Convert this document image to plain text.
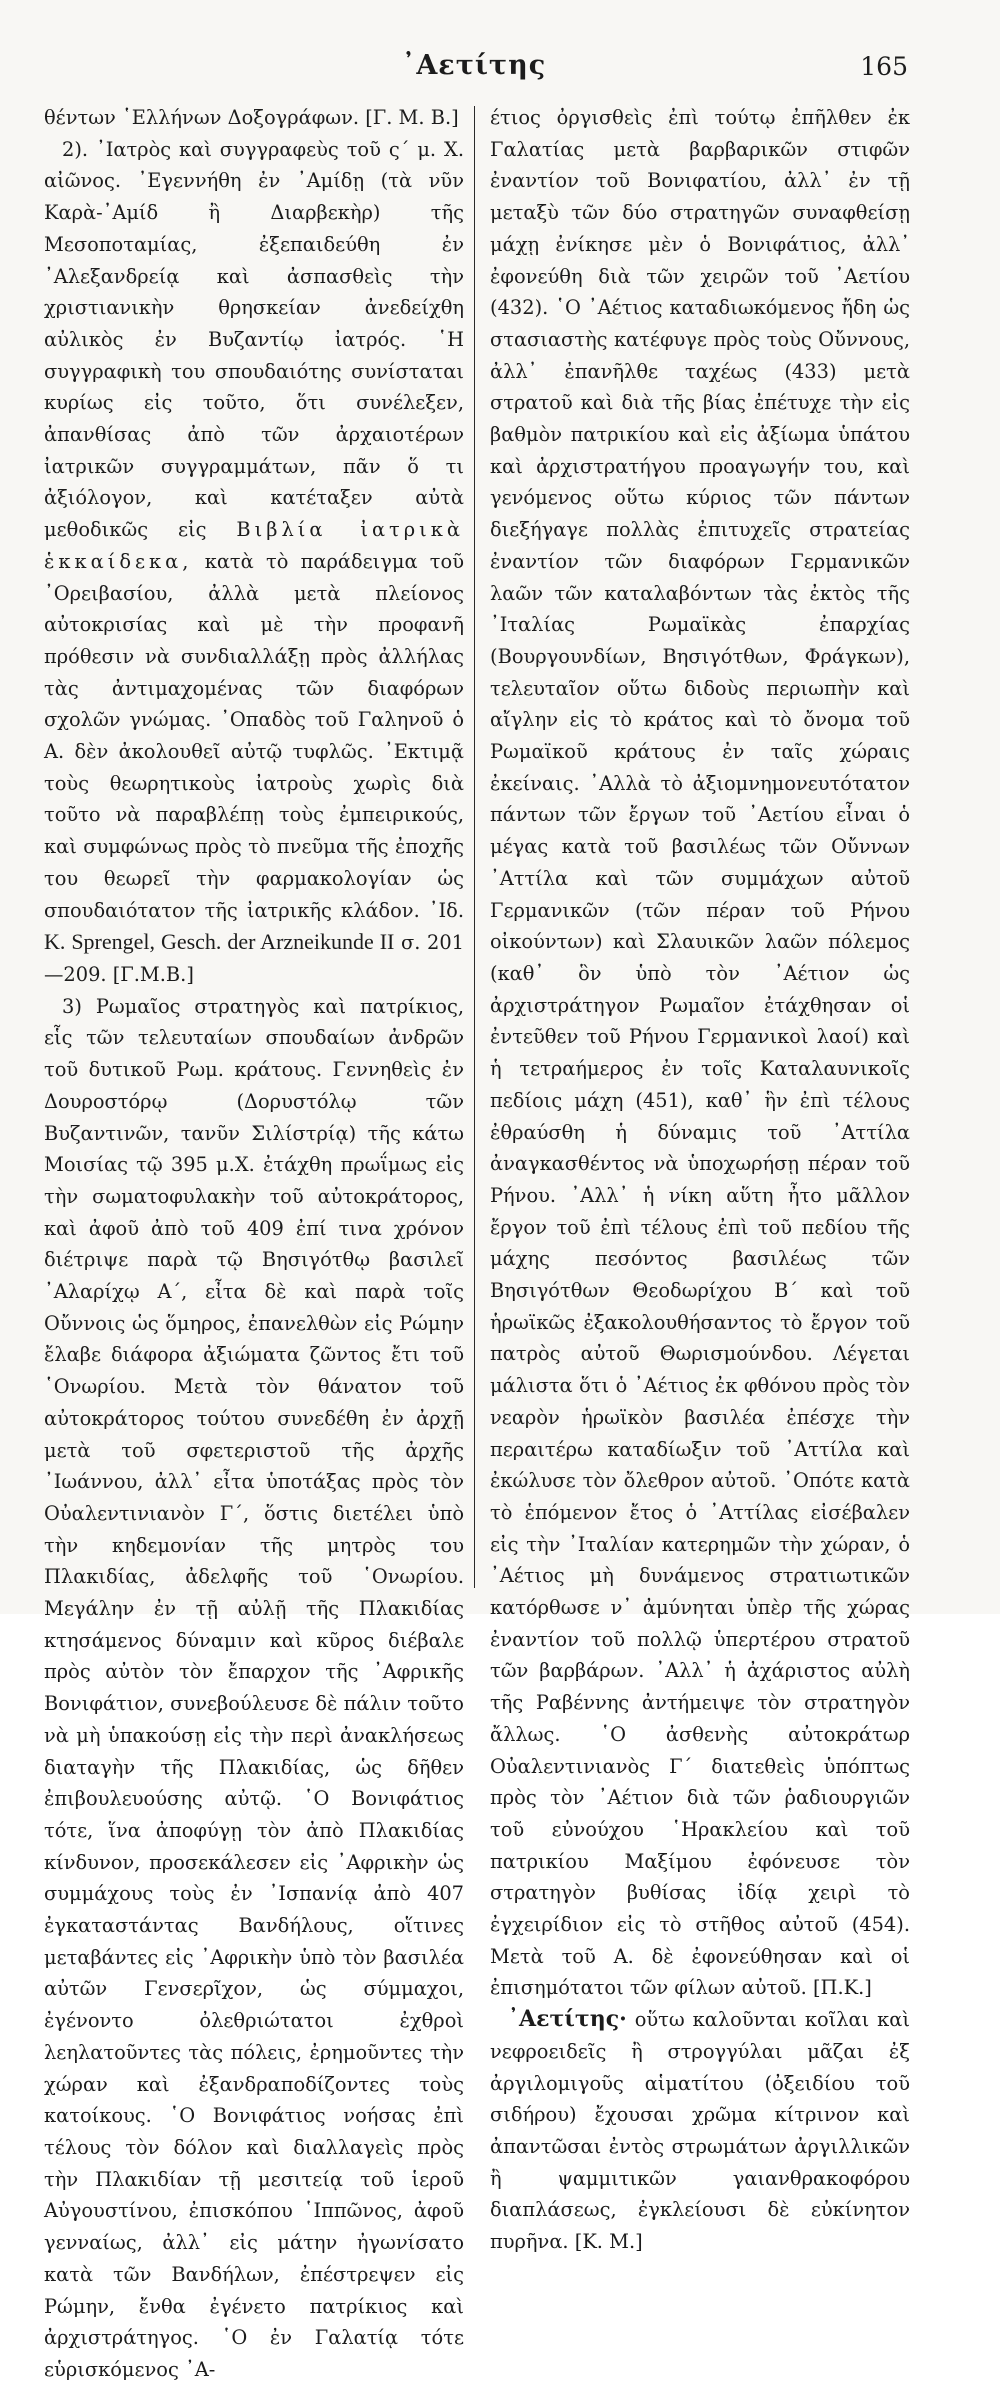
᾿Αετίτης	165

θέντων ῾Ελλήνων Δοξογράφων. [Γ. Μ. Β.]

2). ᾿Ιατρὸς καὶ συγγραφεὺς τοῦ ς΄ μ. Χ. αἰῶνος. ᾿Εγεννήθη ἐν ᾿Αμίδῃ (τὰ νῦν Καρὰ-᾿Αμίδ ἢ Διαρβεκὴρ) τῆς Μεσοποταμίας, ἐξεπαιδεύθη ἐν ᾿Αλεξανδρείᾳ καὶ ἀσπασθεὶς τὴν χριστιανικὴν θρησκείαν ἀνεδείχθη αὐλικὸς ἐν Βυζαντίῳ ἰατρός. ῾Η συγγραφικὴ του σπουδαιότης συνίσταται κυρίως εἰς τοῦτο, ὅτι συνέλεξεν, ἀπανθίσας ἀπὸ τῶν ἀρχαιοτέρων ἰατρικῶν συγγραμμάτων, πᾶν ὅ τι ἀξιόλογον, καὶ κατέταξεν αὐτὰ μεθοδικῶς εἰς Βιβλία ἰατρικὰ ἑκκαίδεκα, κατὰ τὸ παράδειγμα τοῦ ᾿Ορειβασίου, ἀλλὰ μετὰ πλείονος αὐτοκρισίας καὶ μὲ τὴν προφανῆ πρόθεσιν νὰ συνδιαλλάξῃ πρὸς ἀλλήλας τὰς ἀντιμαχομένας τῶν διαφόρων σχολῶν γνώμας. ᾿Οπαδὸς τοῦ Γαληνοῦ ὁ Α. δὲν ἀκολουθεῖ αὐτῷ τυφλῶς. ᾿Εκτιμᾷ τοὺς θεωρητικοὺς ἰατροὺς χωρὶς διὰ τοῦτο νὰ παραβλέπῃ τοὺς ἐμπειρικούς, καὶ συμφώνως πρὸς τὸ πνεῦμα τῆς ἐποχῆς του θεωρεῖ τὴν φαρμακολογίαν ὡς σπουδαιότατον τῆς ἰατρικῆς κλάδον. ᾿Ιδ. K. Sprengel, Gesch. der Arzneikunde II σ. 201—209. [Γ.Μ.Β.]

3) Ρωμαῖος στρατηγὸς καὶ πατρίκιος, εἷς τῶν τελευταίων σπουδαίων ἀνδρῶν τοῦ δυτικοῦ Ρωμ. κράτους. Γεννηθεὶς ἐν Δουροστόρῳ (Δορυστόλῳ τῶν Βυζαντινῶν, τανῦν Σιλίστρίᾳ) τῆς κάτω Μοισίας τῷ 395 μ.Χ. ἐτάχθη πρωΐμως εἰς τὴν σωματοφυλακὴν τοῦ αὐτοκράτορος, καὶ ἀφοῦ ἀπὸ τοῦ 409 ἐπί τινα χρόνον διέτριψε παρὰ τῷ Βησιγότθῳ βασιλεῖ ᾿Αλαρίχῳ Α΄, εἶτα δὲ καὶ παρὰ τοῖς Οὔννοις ὡς ὅμηρος, ἐπανελθὼν εἰς Ρώμην ἔλαβε διάφορα ἀξιώματα ζῶντος ἔτι τοῦ ῾Ονωρίου. Μετὰ τὸν θάνατον τοῦ αὐτοκράτορος τούτου συνεδέθη ἐν ἀρχῇ μετὰ τοῦ σφετεριστοῦ τῆς ἀρχῆς ᾿Ιωάννου, ἀλλ᾿ εἶτα ὑποτάξας πρὸς τὸν Οὐαλεντινιανὸν Γ΄, ὅστις διετέλει ὑπὸ τὴν κηδεμονίαν τῆς μητρὸς του Πλακιδίας, ἀδελφῆς τοῦ ῾Ονωρίου. Μεγάλην ἐν τῇ αὐλῇ τῆς Πλακιδίας κτησάμενος δύναμιν καὶ κῦρος διέβαλε πρὸς αὐτὸν τὸν ἔπαρχον τῆς ᾿Αφρικῆς Βονιφάτιον, συνεβούλευσε δὲ πάλιν τοῦτο νὰ μὴ ὑπακούσῃ εἰς τὴν περὶ ἀνακλήσεως διαταγὴν τῆς Πλακιδίας, ὡς δῆθεν ἐπιβουλευούσης αὐτῷ. ῾Ο Βονιφάτιος τότε, ἵνα ἀποφύγῃ τὸν ἀπὸ Πλακιδίας κίνδυνον, προσεκάλεσεν εἰς ᾿Αφρικὴν ὡς συμμάχους τοὺς ἐν ᾿Ισπανίᾳ ἀπὸ 407 ἐγκαταστάντας Βανδήλους, οἵτινες μεταβάντες εἰς ᾿Αφρικὴν ὑπὸ τὸν βασιλέα αὐτῶν Γενσερῖχον, ὡς σύμμαχοι, ἐγένοντο ὀλεθριώτατοι ἐχθροὶ λεηλατοῦντες τὰς πόλεις, ἐρημοῦντες τὴν χώραν καὶ ἐξανδραποδίζοντες τοὺς κατοίκους. ῾Ο Βονιφάτιος νοήσας ἐπὶ τέλους τὸν δόλον καὶ διαλλαγεὶς πρὸς τὴν Πλακιδίαν τῇ μεσιτείᾳ τοῦ ἱεροῦ Αὐγουστίνου, ἐπισκόπου ῾Ιππῶνος, ἀφοῦ γενναίως, ἀλλ᾿ εἰς μάτην ἠγωνίσατο κατὰ τῶν Βανδήλων, ἐπέστρεψεν εἰς Ρώμην, ἔνθα ἐγένετο πατρίκιος καὶ ἀρχιστράτηγος. ῾Ο ἐν Γαλατίᾳ τότε εὑρισκόμενος ᾿Α-

έτιος ὀργισθεὶς ἐπὶ τούτῳ ἐπῆλθεν ἐκ Γαλατίας μετὰ βαρβαρικῶν στιφῶν ἐναντίον τοῦ Βονιφατίου, ἀλλ᾿ ἐν τῇ μεταξὺ τῶν δύο στρατηγῶν συναφθείσῃ μάχῃ ἐνίκησε μὲν ὁ Βονιφάτιος, ἀλλ᾿ ἐφονεύθη διὰ τῶν χειρῶν τοῦ ᾿Αετίου (432). ῾Ο ᾿Αέτιος καταδιωκόμενος ἤδη ὡς στασιαστὴς κατέφυγε πρὸς τοὺς Οὔννους, ἀλλ᾿ ἐπανῆλθε ταχέως (433) μετὰ στρατοῦ καὶ διὰ τῆς βίας ἐπέτυχε τὴν εἰς βαθμὸν πατρικίου καὶ εἰς ἀξίωμα ὑπάτου καὶ ἀρχιστρατήγου προαγωγήν του, καὶ γενόμενος οὕτω κύριος τῶν πάντων διεξήγαγε πολλὰς ἐπιτυχεῖς στρατείας ἐναντίον τῶν διαφόρων Γερμανικῶν λαῶν τῶν καταλαβόντων τὰς ἐκτὸς τῆς ᾿Ιταλίας Ρωμαϊκὰς ἐπαρχίας (Βουργουνδίων, Βησιγότθων, Φράγκων), τελευταῖον οὕτω διδοὺς περιωπὴν καὶ αἴγλην εἰς τὸ κράτος καὶ τὸ ὄνομα τοῦ Ρωμαϊκοῦ κράτους ἐν ταῖς χώραις ἐκείναις. ᾿Αλλὰ τὸ ἀξιομνημονευτότατον πάντων τῶν ἔργων τοῦ ᾿Αετίου εἶναι ὁ μέγας κατὰ τοῦ βασιλέως τῶν Οὔννων ᾿Αττίλα καὶ τῶν συμμάχων αὐτοῦ Γερμανικῶν (τῶν πέραν τοῦ Ρήνου οἰκούντων) καὶ Σλαυικῶν λαῶν πόλεμος (καθ᾿ ὃν ὑπὸ τὸν ᾿Αέτιον ὡς ἀρχιστράτηγον Ρωμαῖον ἐτάχθησαν οἱ ἐντεῦθεν τοῦ Ρήνου Γερμανικοὶ λαοί) καὶ ἡ τετραήμερος ἐν τοῖς Καταλαυνικοῖς πεδίοις μάχη (451), καθ᾿ ἣν ἐπὶ τέλους ἐθραύσθη ἡ δύναμις τοῦ ᾿Αττίλα ἀναγκασθέντος νὰ ὑποχωρήσῃ πέραν τοῦ Ρήνου. ᾿Αλλ᾿ ἡ νίκη αὕτη ἦτο μᾶλλον ἔργον τοῦ ἐπὶ τέλους ἐπὶ τοῦ πεδίου τῆς μάχης πεσόντος βασιλέως τῶν Βησιγότθων Θεοδωρίχου Β΄ καὶ τοῦ ἡρωϊκῶς ἐξακολουθήσαντος τὸ ἔργον τοῦ πατρὸς αὐτοῦ Θωρισμούνδου. Λέγεται μάλιστα ὅτι ὁ ᾿Αέτιος ἐκ φθόνου πρὸς τὸν νεαρὸν ἡρωϊκὸν βασιλέα ἐπέσχε τὴν περαιτέρω καταδίωξιν τοῦ ᾿Αττίλα καὶ ἐκώλυσε τὸν ὄλεθρον αὐτοῦ. ᾿Οπότε κατὰ τὸ ἑπόμενον ἔτος ὁ ᾿Αττίλας εἰσέβαλεν εἰς τὴν ᾿Ιταλίαν κατερημῶν τὴν χώραν, ὁ ᾿Αέτιος μὴ δυνάμενος στρατιωτικῶν κατόρθωσε ν᾿ ἀμύνηται ὑπὲρ τῆς χώρας ἐναντίον τοῦ πολλῷ ὑπερτέρου στρατοῦ τῶν βαρβάρων. ᾿Αλλ᾿ ἡ ἀχάριστος αὐλὴ τῆς Ραβέννης ἀντήμειψε τὸν στρατηγὸν ἄλλως. ῾Ο ἀσθενὴς αὐτοκράτωρ Οὐαλεντινιανὸς Γ΄ διατεθεὶς ὑπόπτως πρὸς τὸν ᾿Αέτιον διὰ τῶν ῥαδιουργιῶν τοῦ εὐνούχου ῾Ηρακλείου καὶ τοῦ πατρικίου Μαξίμου ἐφόνευσε τὸν στρατηγὸν βυθίσας ἰδίᾳ χειρὶ τὸ ἐγχειρίδιον εἰς τὸ στῆθος αὐτοῦ (454). Μετὰ τοῦ Α. δὲ ἐφονεύθησαν καὶ οἱ ἐπισημότατοι τῶν φίλων αὐτοῦ. [Π.Κ.]

᾿Αετίτης· οὕτω καλοῦνται κοῖλαι καὶ νεφροειδεῖς ἢ στρογγύλαι μᾶζαι ἐξ ἀργιλομιγοῦς αἱματίτου (ὀξειδίου τοῦ σιδήρου) ἔχουσαι χρῶμα κίτρινον καὶ ἀπαντῶσαι ἐντὸς στρωμάτων ἀργιλλικῶν ἢ ψαμμιτικῶν γαιανθρακοφόρου διαπλάσεως, ἐγκλείουσι δὲ εὐκίνητον πυρῆνα. [Κ. Μ.]
